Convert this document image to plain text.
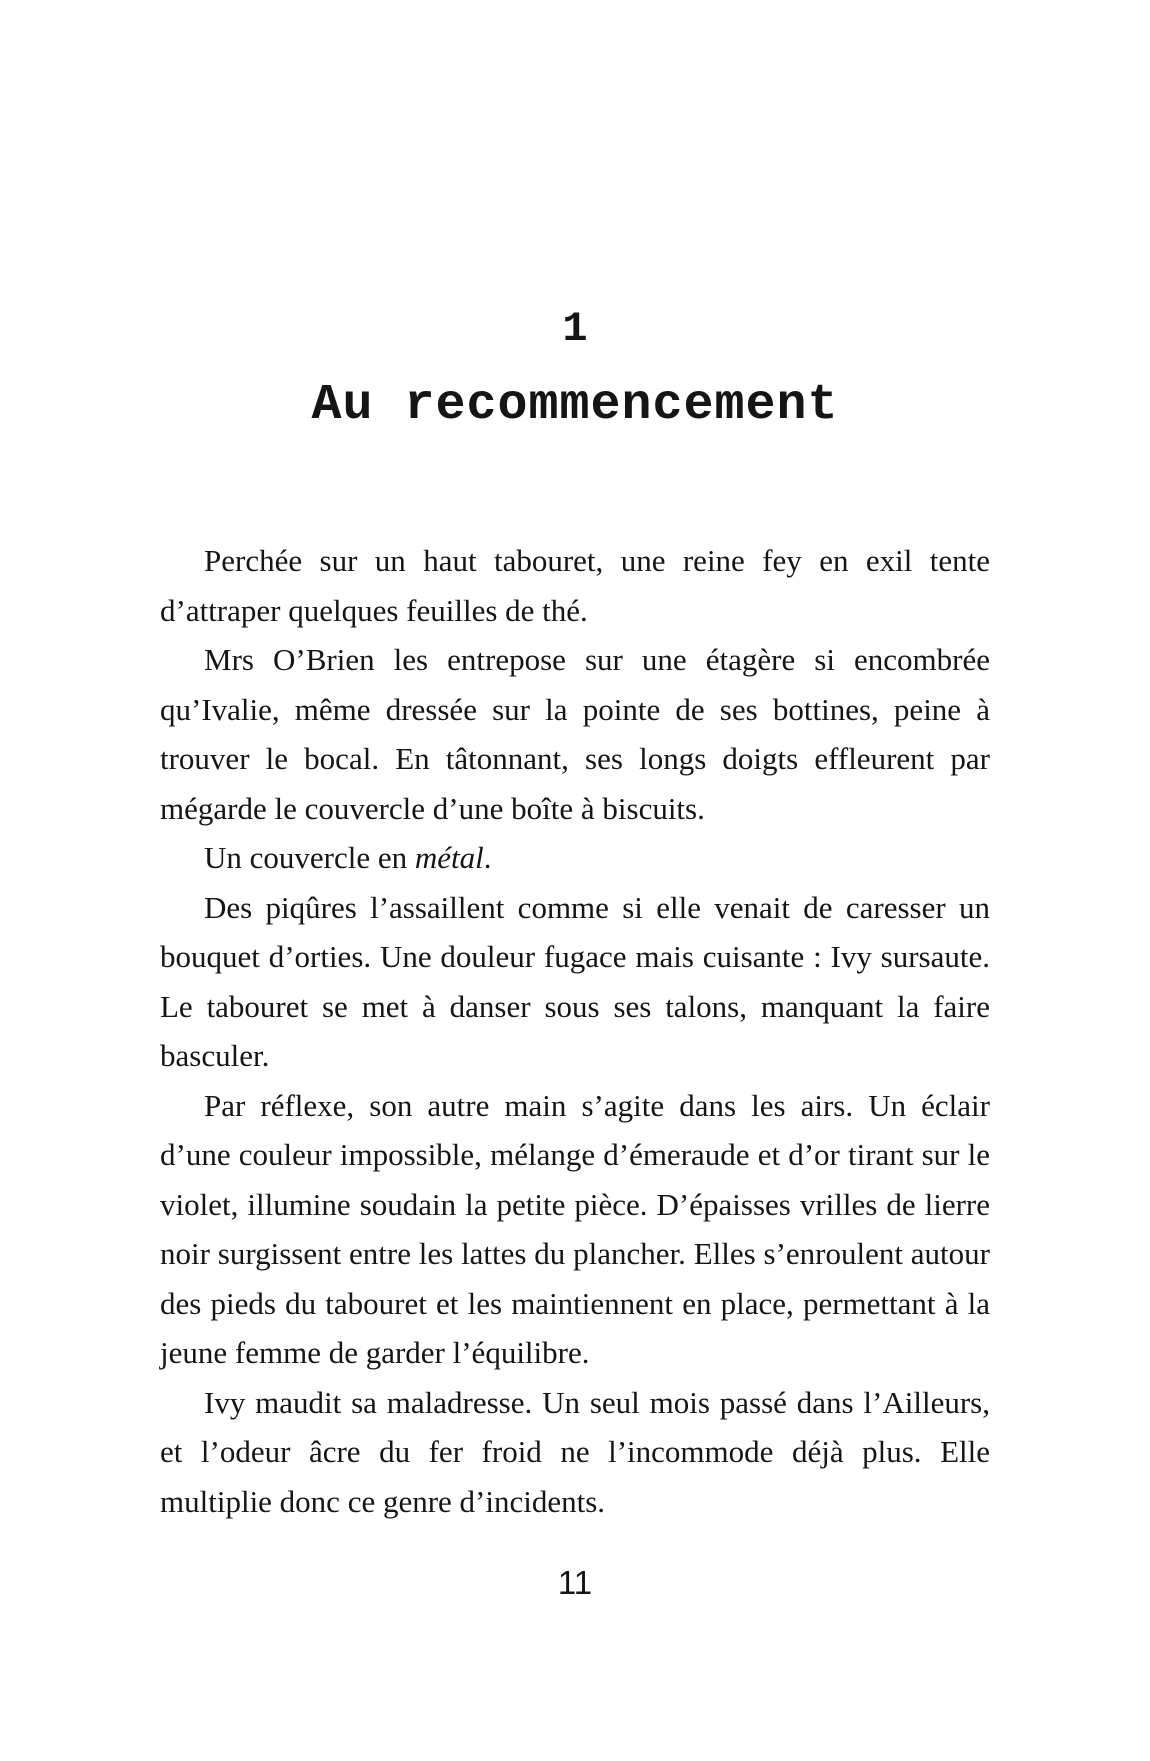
1
Au recommencement

Perchée sur un haut tabouret, une reine fey en exil tente d’attraper quelques feuilles de thé.

Mrs O’Brien les entrepose sur une étagère si encombrée qu’Ivalie, même dressée sur la pointe de ses bottines, peine à trouver le bocal. En tâtonnant, ses longs doigts effleurent par mégarde le couvercle d’une boîte à biscuits.

Un couvercle en métal.

Des piqûres l’assaillent comme si elle venait de caresser un bouquet d’orties. Une douleur fugace mais cuisante : Ivy sursaute. Le tabouret se met à danser sous ses talons, manquant la faire basculer.

Par réflexe, son autre main s’agite dans les airs. Un éclair d’une couleur impossible, mélange d’émeraude et d’or tirant sur le violet, illumine soudain la petite pièce. D’épaisses vrilles de lierre noir surgissent entre les lattes du plancher. Elles s’enroulent autour des pieds du tabouret et les maintiennent en place, permettant à la jeune femme de garder l’équilibre.

Ivy maudit sa maladresse. Un seul mois passé dans l’Ailleurs, et l’odeur âcre du fer froid ne l’incommode déjà plus. Elle multiplie donc ce genre d’incidents.

11
